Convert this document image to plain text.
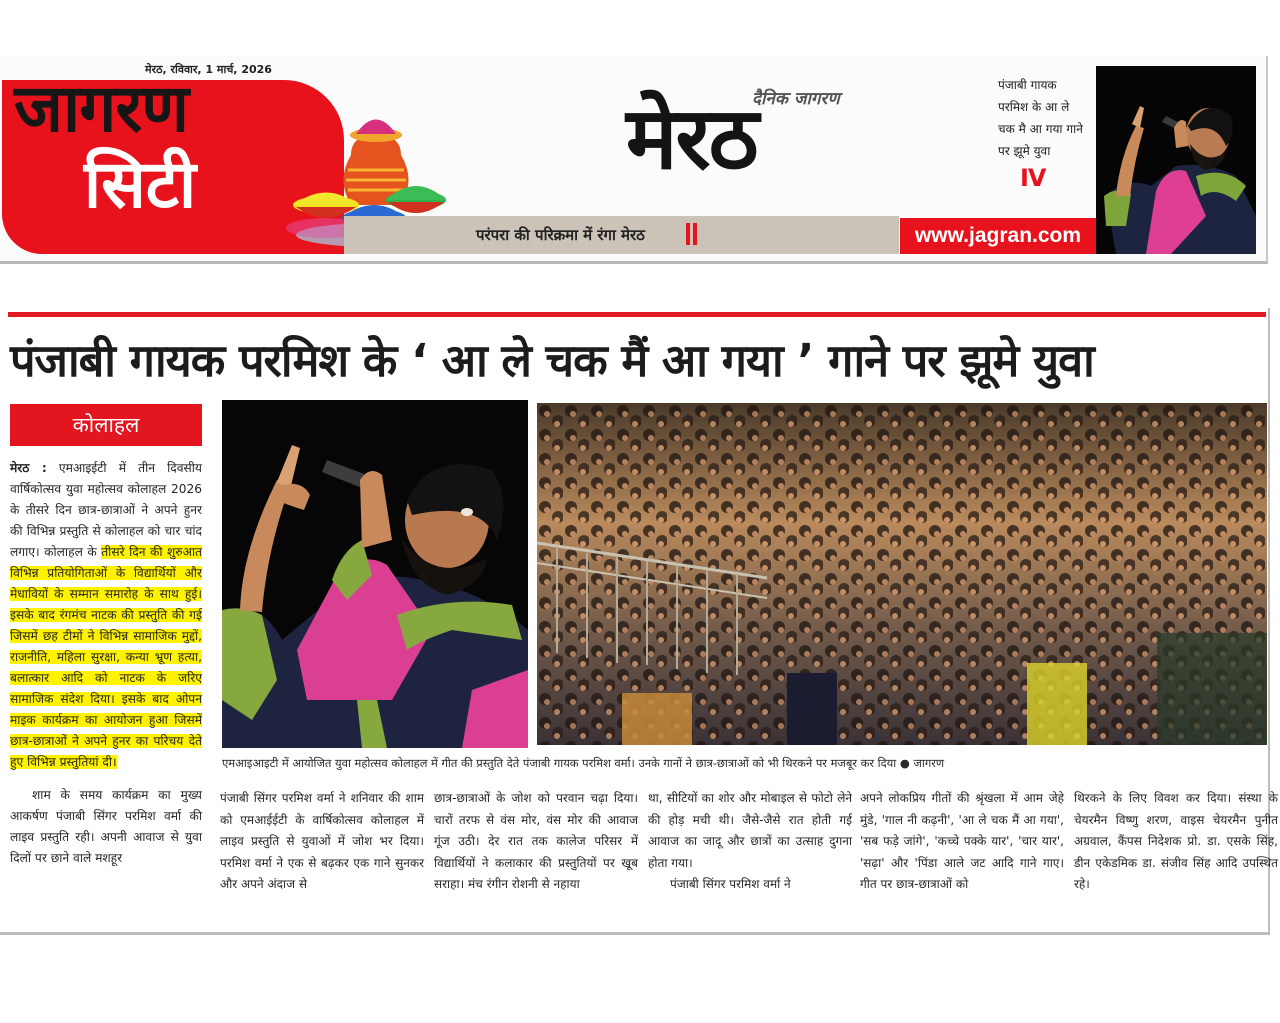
मेरठ, रविवार, 1 मार्च, 2026
जागरण
सिटी
परंपरा की परिक्रमा में रंगा मेरठ
दैनिक जागरण
मेरठ
पंजाबी गायक
परमिश के आ ले
चक मै आ गया गाने
पर झूमे युवा
IV
www.jagran.com
पंजाबी गायक परमिश के ‘ आ ले चक मैं आ गया ’ गाने पर झूमे युवा
कोलाहल

मेरठ : एमआइईटी में तीन दिवसीय वार्षिकोत्सव युवा महोत्सव कोलाहल 2026 के तीसरे दिन छात्र-छात्राओं ने अपने हुनर की विभिन्न प्रस्तुति से कोलाहल को चार चांद लगाए। कोलाहल के तीसरे दिन की शुरुआत विभिन्न प्रतियोगिताओं के विद्यार्थियों और मेधावियों के सम्मान समारोह के साथ हुई। इसके बाद रंगमंच नाटक की प्रस्तुति की गई जिसमें छह टीमों ने विभिन्न सामाजिक मुद्दों, राजनीति, महिला सुरक्षा, कन्या भ्रूण हत्या, बलात्कार आदि को नाटक के जरिए सामाजिक संदेश दिया। इसके बाद ओपन माइक कार्यक्रम का आयोजन हुआ जिसमें छात्र-छात्राओं ने अपने हुनर का परिचय देते हुए विभिन्न प्रस्तुतियां दी।

शाम के समय कार्यक्रम का मुख्य आकर्षण पंजाबी सिंगर परमिश वर्मा की लाइव प्रस्तुति रही। अपनी आवाज से युवा दिलों पर छाने वाले मशहूर

एमआइआइटी में आयोजित युवा महोत्सव कोलाहल में गीत की प्रस्तुति देते पंजाबी गायक परमिश वर्मा। उनके गानों ने छात्र-छात्राओं को भी थिरकने पर मजबूर कर दिया ● जागरण

पंजाबी सिंगर परमिश वर्मा ने शनिवार की शाम को एमआईईटी के वार्षिकोत्सव कोलाहल में लाइव प्रस्तुति से युवाओं में जोश भर दिया। परमिश वर्मा ने एक से बढ़कर एक गाने सुनकर और अपने अंदाज से

छात्र-छात्राओं के जोश को परवान चढ़ा दिया। चारों तरफ से वंस मोर, वंस मोर की आवाज गूंज उठी। देर रात तक कालेज परिसर में विद्यार्थियों ने कलाकार की प्रस्तुतियों पर खूब सराहा। मंच रंगीन रोशनी से नहाया

था, सीटियों का शोर और मोबाइल से फोटो लेने की होड़ मची थी। जैसे-जैसे रात होती गई आवाज का जादू और छात्रों का उत्साह दुगना होता गया।

पंजाबी सिंगर परमिश वर्मा ने

अपने लोकप्रिय गीतों की श्रृंखला में आम जेहे मुंडे, 'गाल नी कढ़नी', 'आ ले चक मैं आ गया', 'सब फड़े जांगे', 'कच्चे पक्के यार', 'चार यार', 'सढ़ा' और 'पिंडा आले जट आदि गाने गाए। गीत पर छात्र-छात्राओं को

थिरकने के लिए विवश कर दिया। संस्था के चेयरमैन विष्णु शरण, वाइस चेयरमैन पुनीत अग्रवाल, कैंपस निदेशक प्रो. डा. एसके सिंह, डीन एकेडमिक डा. संजीव सिंह आदि उपस्थित रहे।
